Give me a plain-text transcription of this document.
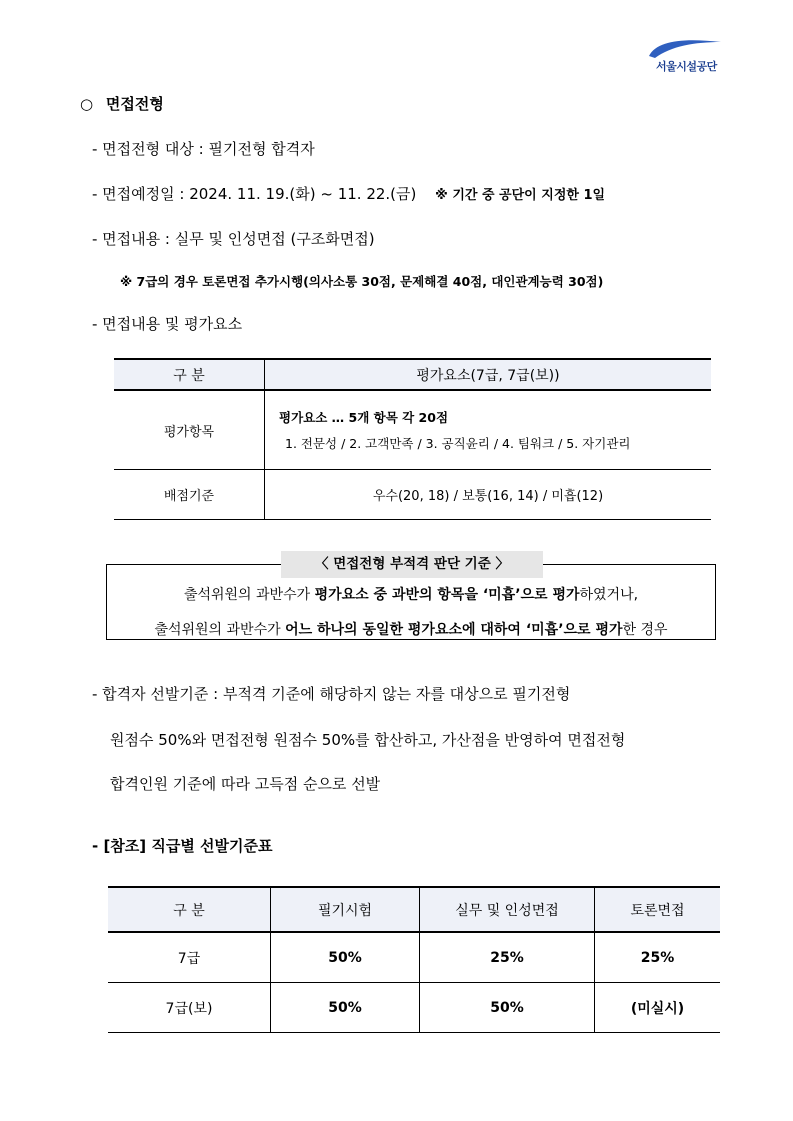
서울시설공단
○ 면접전형
- 면접전형 대상 : 필기전형 합격자
- 면접예정일 : 2024. 11. 19.(화) ~ 11. 22.(금) ※ 기간 중 공단이 지정한 1일
- 면접내용 : 실무 및 인성면접 (구조화면접)
※ 7급의 경우 토론면접 추가시행(의사소통 30점, 문제해결 40점, 대인관계능력 30점)
- 면접내용 및 평가요소
구 분	평가요소(7급, 7급(보))
평가항목	평가요소 … 5개 항목 각 20점
1. 전문성 / 2. 고객만족 / 3. 공직윤리 / 4. 팀워크 / 5. 자기관리

배점기준	우수(20, 18) / 보통(16, 14) / 미흡(12)
〈 면접전형 부적격 판단 기준 〉
출석위원의 과반수가 평가요소 중 과반의 항목을 ‘미흡’으로 평가하였거나,
출석위원의 과반수가 어느 하나의 동일한 평가요소에 대하여 ‘미흡’으로 평가한 경우
- 합격자 선발기준 : 부적격 기준에 해당하지 않는 자를 대상으로 필기전형
원점수 50%와 면접전형 원점수 50%를 합산하고, 가산점을 반영하여 면접전형
합격인원 기준에 따라 고득점 순으로 선발
- [참조] 직급별 선발기준표
구 분	필기시험	실무 및 인성면접	토론면접
7급	50%	25%	25%
7급(보)	50%	50%	(미실시)
